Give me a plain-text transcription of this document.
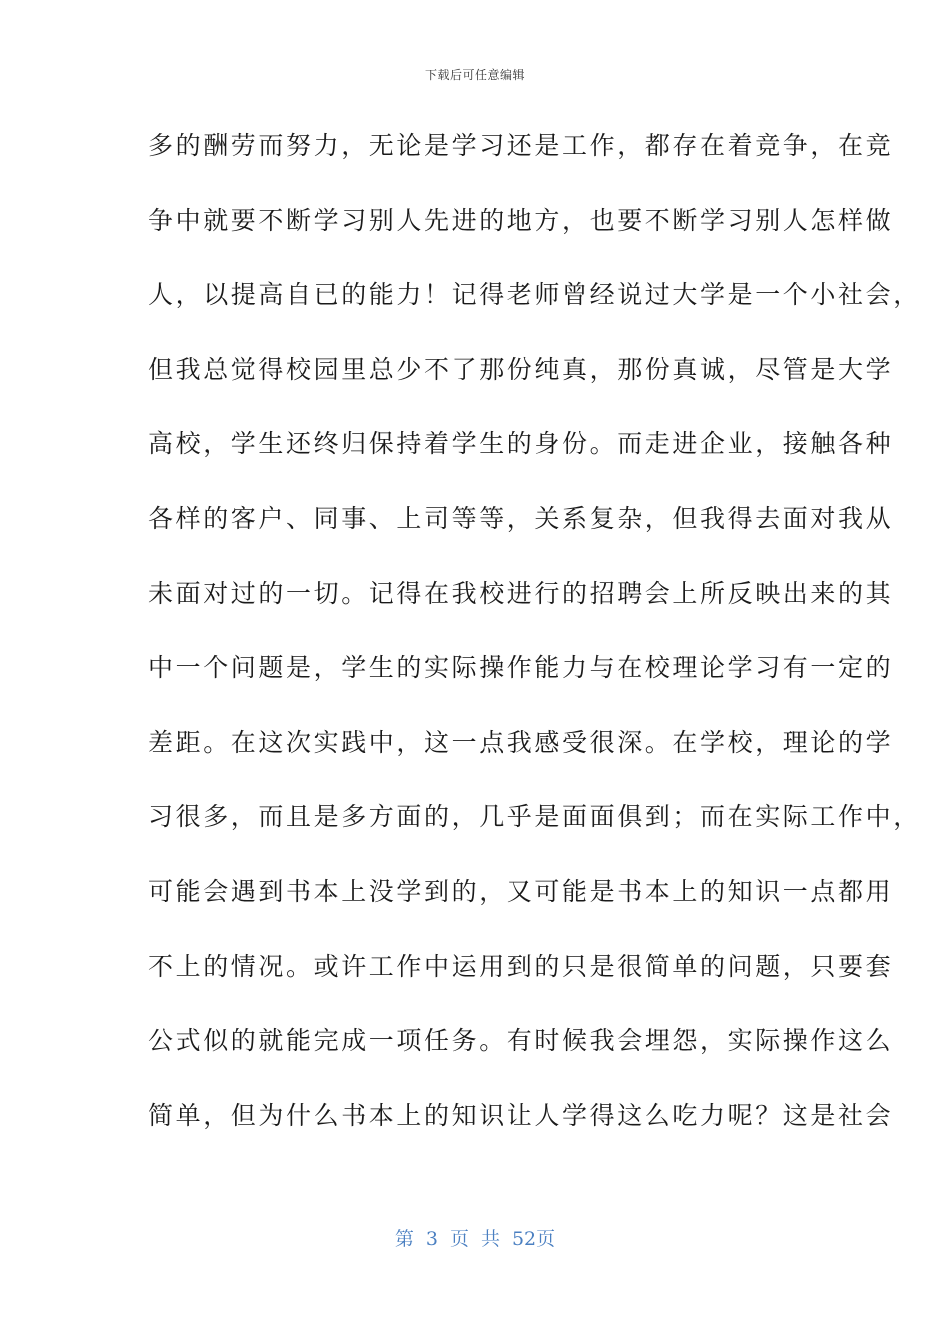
下载后可任意编辑
多的酬劳而努力，无论是学习还是工作，都存在着竞争，在竞
争中就要不断学习别人先进的地方，也要不断学习别人怎样做
人，以提高自已的能力！记得老师曾经说过大学是一个小社会，
但我总觉得校园里总少不了那份纯真，那份真诚，尽管是大学
高校，学生还终归保持着学生的身份。而走进企业，接触各种
各样的客户、同事、上司等等，关系复杂，但我得去面对我从
未面对过的一切。记得在我校进行的招聘会上所反映出来的其
中一个问题是，学生的实际操作能力与在校理论学习有一定的
差距。在这次实践中，这一点我感受很深。在学校，理论的学
习很多，而且是多方面的，几乎是面面俱到；而在实际工作中，
可能会遇到书本上没学到的，又可能是书本上的知识一点都用
不上的情况。或许工作中运用到的只是很简单的问题，只要套
公式似的就能完成一项任务。有时候我会埋怨，实际操作这么
简单，但为什么书本上的知识让人学得这么吃力呢？这是社会
第 3 页 共 52页
